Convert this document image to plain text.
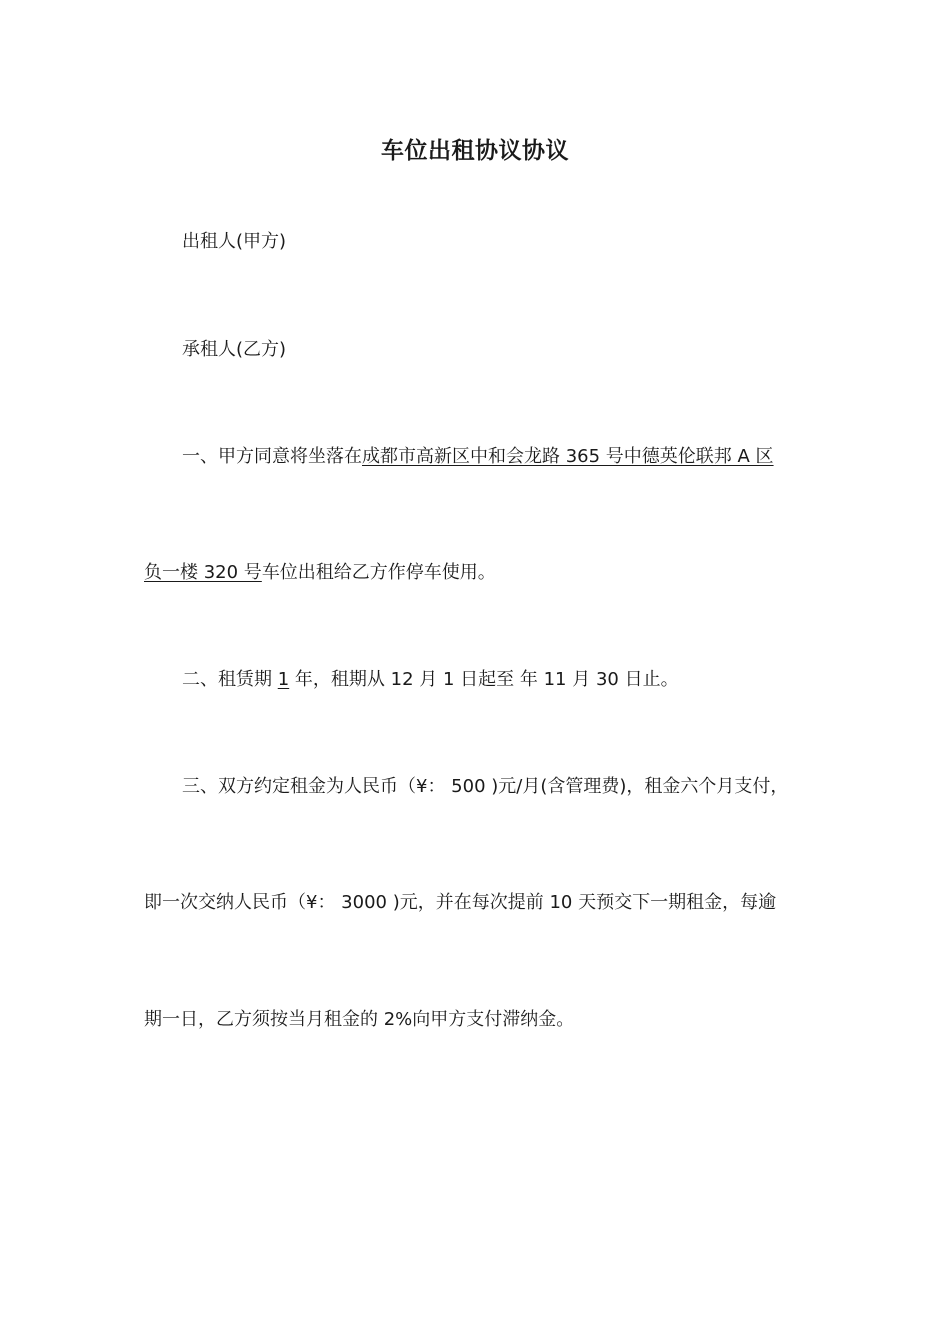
车位出租协议协议
出租人(甲方)
承租人(乙方)
一、甲方同意将坐落在成都市高新区中和会龙路 365 号中德英伦联邦 A 区
负一楼 320 号车位出租给乙方作停车使用。
二、租赁期 1 年，租期从 12 月 1 日起至 年 11 月 30 日止。
三、双方约定租金为人民币（¥： 500 )元/月(含管理费)，租金六个月支付，
即一次交纳人民币（¥： 3000 )元，并在每次提前 10 天预交下一期租金，每逾
期一日，乙方须按当月租金的 2%向甲方支付滞纳金。
